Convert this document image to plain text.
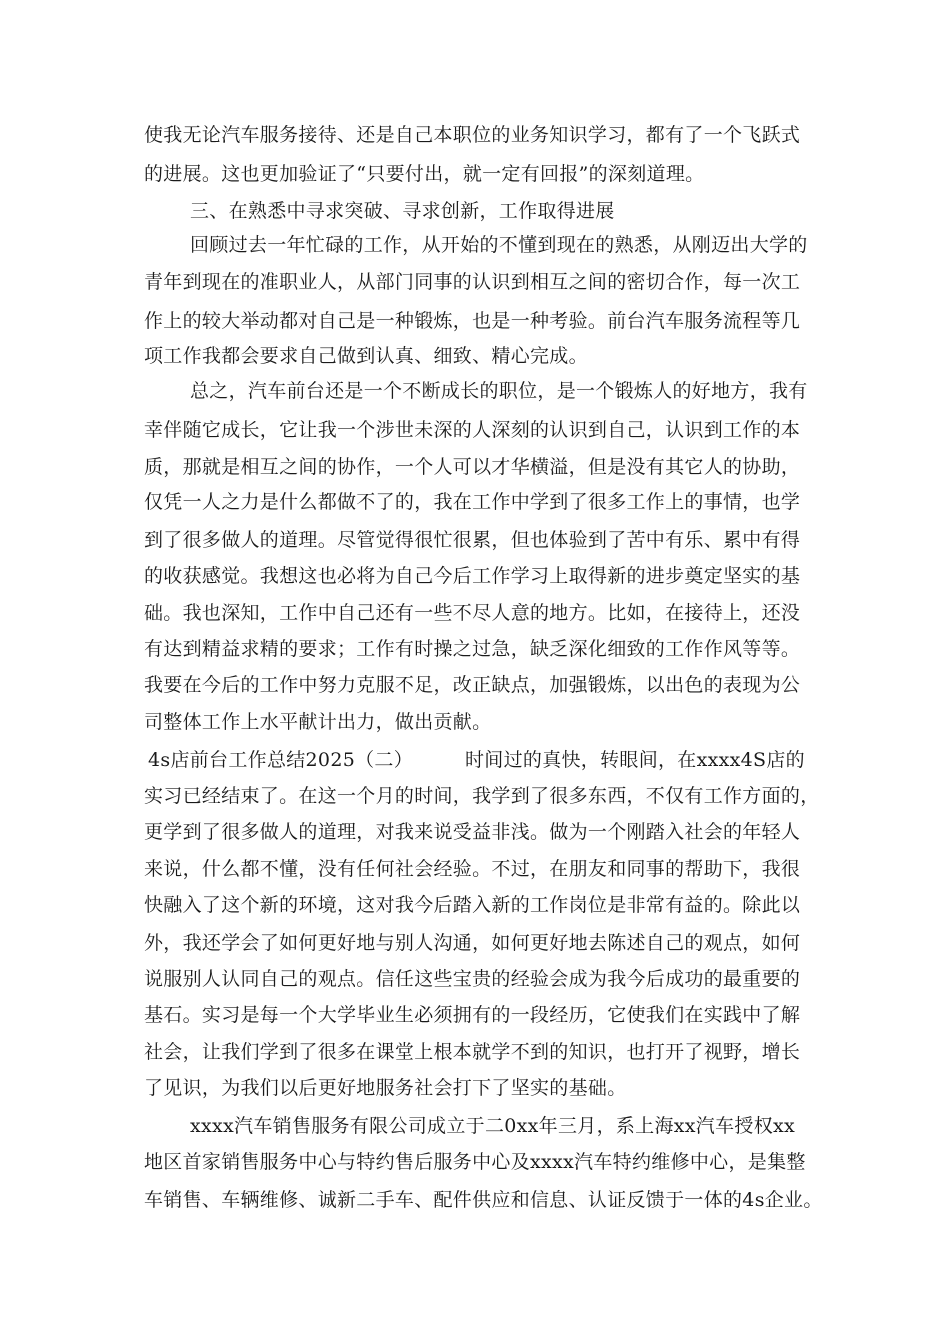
使我无论汽车服务接待、还是自己本职位的业务知识学习，都有了一个飞跃式
的进展。这也更加验证了“只要付出，就一定有回报”的深刻道理。
三、在熟悉中寻求突破、寻求创新，工作取得进展
回顾过去一年忙碌的工作，从开始的不懂到现在的熟悉，从刚迈出大学的
青年到现在的准职业人，从部门同事的认识到相互之间的密切合作，每一次工
作上的较大举动都对自己是一种锻炼，也是一种考验。前台汽车服务流程等几
项工作我都会要求自己做到认真、细致、精心完成。
总之，汽车前台还是一个不断成长的职位，是一个锻炼人的好地方，我有
幸伴随它成长，它让我一个涉世未深的人深刻的认识到自己，认识到工作的本
质，那就是相互之间的协作，一个人可以才华横溢，但是没有其它人的协助，
仅凭一人之力是什么都做不了的，我在工作中学到了很多工作上的事情，也学
到了很多做人的道理。尽管觉得很忙很累，但也体验到了苦中有乐、累中有得
的收获感觉。我想这也必将为自己今后工作学习上取得新的进步奠定坚实的基
础。我也深知，工作中自己还有一些不尽人意的地方。比如，在接待上，还没
有达到精益求精的要求；工作有时操之过急，缺乏深化细致的工作作风等等。
我要在今后的工作中努力克服不足，改正缺点，加强锻炼，以出色的表现为公
司整体工作上水平献计出力，做出贡献。
4s店前台工作总结2025（二）	时间过的真快，转眼间，在xxxx4S店的
实习已经结束了。在这一个月的时间，我学到了很多东西，不仅有工作方面的，
更学到了很多做人的道理，对我来说受益非浅。做为一个刚踏入社会的年轻人
来说，什么都不懂，没有任何社会经验。不过，在朋友和同事的帮助下，我很
快融入了这个新的环境，这对我今后踏入新的工作岗位是非常有益的。除此以
外，我还学会了如何更好地与别人沟通，如何更好地去陈述自己的观点，如何
说服别人认同自己的观点。信任这些宝贵的经验会成为我今后成功的最重要的
基石。实习是每一个大学毕业生必须拥有的一段经历，它使我们在实践中了解
社会，让我们学到了很多在课堂上根本就学不到的知识，也打开了视野，增长
了见识，为我们以后更好地服务社会打下了坚实的基础。
xxxx汽车销售服务有限公司成立于二0xx年三月，系上海xx汽车授权xx
地区首家销售服务中心与特约售后服务中心及xxxx汽车特约维修中心，是集整
车销售、车辆维修、诚新二手车、配件供应和信息、认证反馈于一体的4s企业。
